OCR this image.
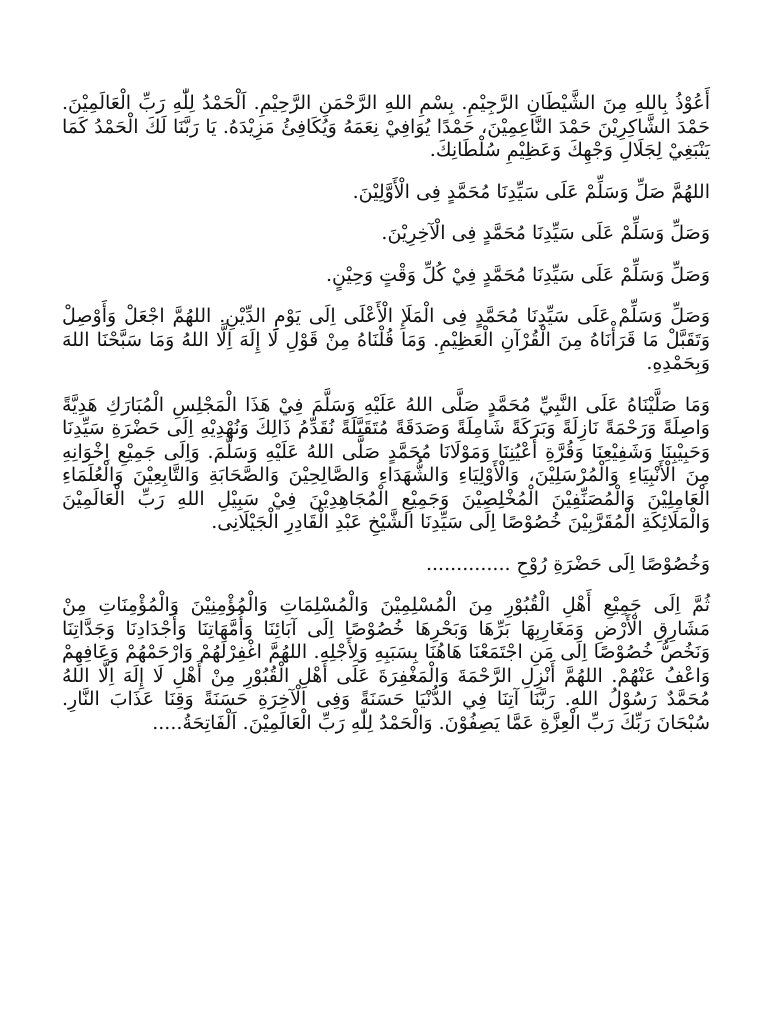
أَعُوْذُ بِاللهِ مِنَ الشَّيْطَانِ الرَّجِيْمِ. بِسْمِ اللهِ الرَّحْمَنِ الرَّحِيْمِ. اَلْحَمْدُ لِلّٰهِ رَبِّ الْعَالَمِيْنَ. حَمْدَ الشَّاكِرِيْنَ حَمْدَ النَّاعِمِيْنَ، حَمْدًا يُوَافِيْ نِعَمَهُ وَيُكَافِئُ مَزِيْدَهُ. يَا رَبَّنَا لَكَ الْحَمْدُ كَمَا يَنْبَغِيْ لِجَلَالِ وَجْهِكَ وَعَظِيْمِ سُلْطَانِكَ.

اللهُمَّ صَلِّ وَسَلِّمْ عَلَى سَيِّدِنَا مُحَمَّدٍ فِى الْأَوَّلِيْنَ.

وَصَلِّ وَسَلِّمْ عَلَى سَيِّدِنَا مُحَمَّدٍ فِى الْآخِرِيْنَ.

وَصَلِّ وَسَلِّمْ عَلَى سَيِّدِنَا مُحَمَّدٍ فِيْ كُلِّ وَقْتٍ وَحِيْنٍ.

وَصَلِّ وَسَلِّمْ عَلَى سَيِّدِنَا مُحَمَّدٍ فِى الْمَلَإِ الْأَعْلَى اِلَى يَوْمِ الدِّيْنِ. اللهُمَّ اجْعَلْ وَأَوْصِلْ وَتَقَبَّلْ مَا قَرَأْنَاهُ مِنَ الْقُرْآنِ الْعَظِيْمِ. وَمَا قُلْنَاهُ مِنْ قَوْلِ لَا إِلَهَ اِلَّا اللهُ وَمَا سَبَّحْنَا اللهَ وَبِحَمْدِهِ.

وَمَا صَلَّيْنَاهُ عَلَى النَّبِيِّ مُحَمَّدٍ صَلَّى اللهُ عَلَيْهِ وَسَلَّمَ فِيْ هَذَا الْمَجْلِسِ الْمُبَارَكِ هَدِيَّةً وَاصِلَةً وَرَحْمَةً نَازِلَةً وَبَرَكَةً شَامِلَةً وَصَدَقَةً مُتَقَبَّلَةً نُقَدِّمُ ذَالِكَ وَنُهْدِيْهِ اِلَى حَضْرَةِ سَيِّدِنَا وَحَبِيْبِنَا وَشَفِيْعِنَا وَقُرَّةِ أَعْيُنِنَا وَمَوْلَانَا مُحَمَّدٍ صَلَّى اللهُ عَلَيْهِ وَسَلَّمَ. وَاِلَى جَمِيْعِ اِخْوَانِهِ مِنَ الْأَنْبِيَاءِ وَالْمُرْسَلِيْنَ، وَالْأَوْلِيَاءِ وَالشُّهَدَاءِ وَالصَّالِحِيْنَ وَالصَّحَابَةِ وَالتَّابِعِيْنَ وَالْعُلَمَاءِ الْعَامِلِيْنَ وَالْمُصَنِّفِيْنَ الْمُخْلِصِيْنَ وَجَمِيْعِ الْمُجَاهِدِيْنَ فِيْ سَبِيْلِ اللهِ رَبِّ الْعَالَمِيْنَ وَالْمَلَائِكَةِ الْمُقَرَّبِيْنَ خُصُوْصًا اِلَى سَيِّدِنَا الشَّيْخِ عَبْدِ الْقَادِرِ الْجَيْلَانِى.

وَخُصُوْصًا اِلَى حَضْرَةِ رُوْحِ ..............

ثُمَّ اِلَى جَمِيْعِ أَهْلِ الْقُبُوْرِ مِنَ الْمُسْلِمِيْنَ وَالْمُسْلِمَاتِ وَالْمُؤْمِنِيْنَ وَالْمُؤْمِنَاتِ مِنْ مَشَارِقِ الْأَرْضِ وَمَغَارِبِهَا بَرِّهَا وَبَحْرِهَا خُصُوْصًا اِلَى آبَائِنَا وَأُمَّهَاتِنَا وَأَجْدَادِنَا وَجَدَّاتِنَا وَنَخُصُّ خُصُوْصًا اِلَى مَنِ اجْتَمَعْنَا هَاهُنَا بِسَبَبِهِ وَلِأَجْلِهِ. اللهُمَّ اغْفِرْلَهُمْ وَارْحَمْهُمْ وَعَافِهِمْ وَاعْفُ عَنْهُمْ. اللهُمَّ أَنْزِلِ الرَّحْمَةَ وَالْمَغْفِرَةَ عَلَى أَهْلِ الْقُبُوْرِ مِنْ أَهْلِ لَا إِلَهَ اِلَّا اللهُ مُحَمَّدٌ رَسُوْلُ اللهِ. رَبَّنَا آتِنَا فِي الدُّنْيَا حَسَنَةً وَفِى الْآخِرَةِ حَسَنَةً وَقِنَا عَذَابَ النَّارِ. سُبْحَانَ رَبِّكَ رَبِّ الْعِزَّةِ عَمَّا يَصِفُوْنَ. وَالْحَمْدُ لِلّٰهِ رَبِّ الْعَالَمِيْنَ. اَلْفَاتِحَةُ.....
